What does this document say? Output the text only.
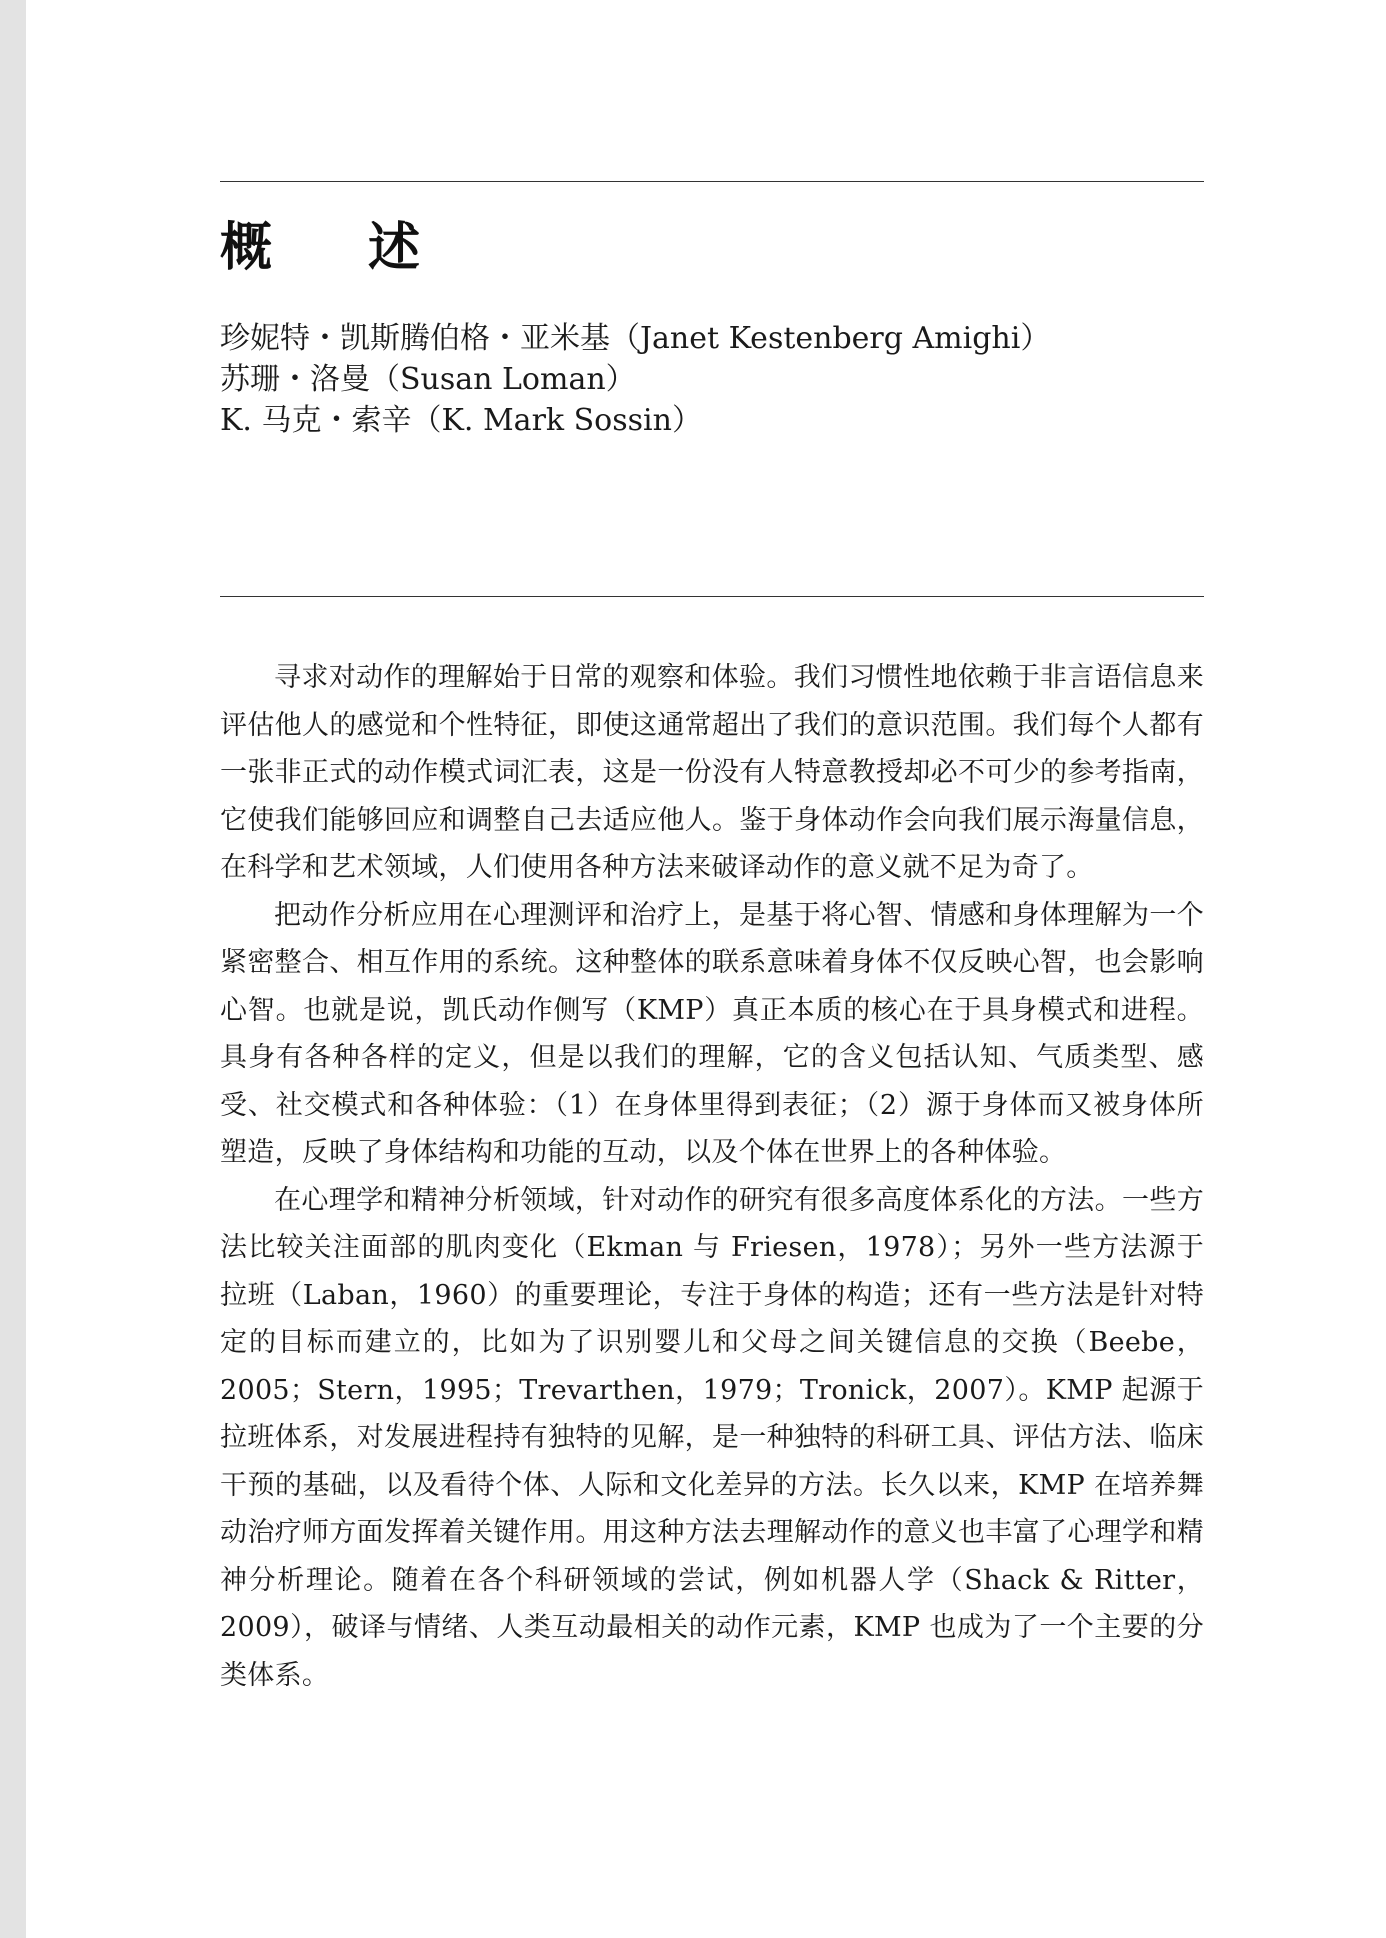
概 述
珍妮特・凯斯腾伯格・亚米基（Janet Kestenberg Amighi）
苏珊・洛曼（Susan Loman）
K. 马克・索辛（K. Mark Sossin）

寻求对动作的理解始于日常的观察和体验。我们习惯性地依赖于非言语信息来评估他人的感觉和个性特征，即使这通常超出了我们的意识范围。我们每个人都有一张非正式的动作模式词汇表，这是一份没有人特意教授却必不可少的参考指南，它使我们能够回应和调整自己去适应他人。鉴于身体动作会向我们展示海量信息，在科学和艺术领域，人们使用各种方法来破译动作的意义就不足为奇了。

把动作分析应用在心理测评和治疗上，是基于将心智、情感和身体理解为一个紧密整合、相互作用的系统。这种整体的联系意味着身体不仅反映心智，也会影响心智。也就是说，凯氏动作侧写（KMP）真正本质的核心在于具身模式和进程。具身有各种各样的定义，但是以我们的理解，它的含义包括认知、气质类型、感受、社交模式和各种体验：（1）在身体里得到表征；（2）源于身体而又被身体所塑造，反映了身体结构和功能的互动，以及个体在世界上的各种体验。

在心理学和精神分析领域，针对动作的研究有很多高度体系化的方法。一些方法比较关注面部的肌肉变化（Ekman 与 Friesen，1978）；另外一些方法源于拉班（Laban，1960）的重要理论，专注于身体的构造；还有一些方法是针对特定的目标而建立的，比如为了识别婴儿和父母之间关键信息的交换（Beebe，2005；Stern，1995；Trevarthen，1979；Tronick，2007）。KMP 起源于拉班体系，对发展进程持有独特的见解，是一种独特的科研工具、评估方法、临床干预的基础，以及看待个体、人际和文化差异的方法。长久以来，KMP 在培养舞动治疗师方面发挥着关键作用。用这种方法去理解动作的意义也丰富了心理学和精神分析理论。随着在各个科研领域的尝试，例如机器人学（Shack & Ritter，2009），破译与情绪、人类互动最相关的动作元素，KMP 也成为了一个主要的分类体系。
